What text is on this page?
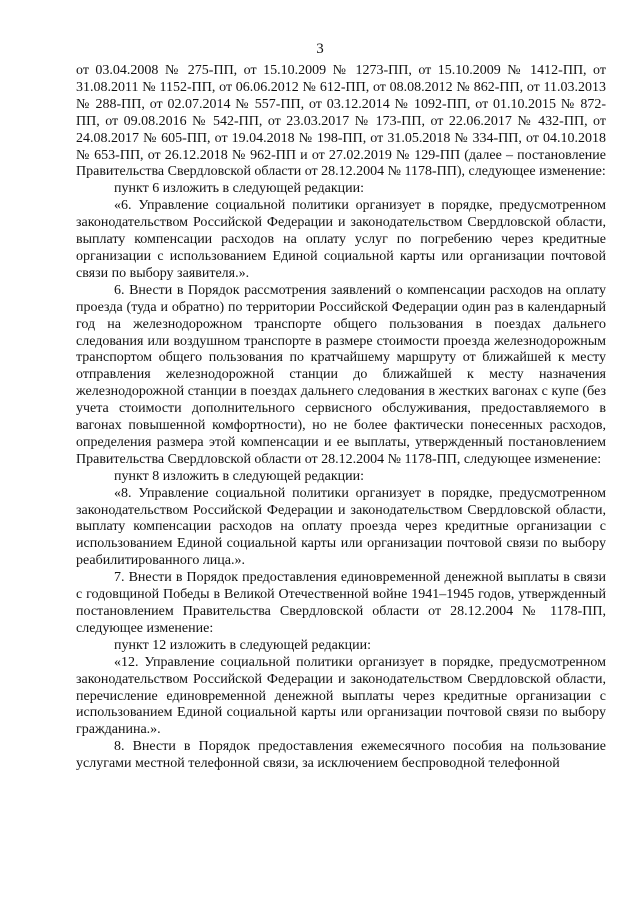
3

от 03.04.2008 № 275-ПП, от 15.10.2009 № 1273-ПП, от 15.10.2009 № 1412-ПП, от 31.08.2011 № 1152-ПП, от 06.06.2012 № 612-ПП, от 08.08.2012 № 862-ПП, от 11.03.2013 № 288-ПП, от 02.07.2014 № 557-ПП, от 03.12.2014 № 1092-ПП, от 01.10.2015 № 872-ПП, от 09.08.2016 № 542-ПП, от 23.03.2017 № 173-ПП, от 22.06.2017 № 432-ПП, от 24.08.2017 № 605-ПП, от 19.04.2018 № 198-ПП, от 31.05.2018 № 334-ПП, от 04.10.2018 № 653-ПП, от 26.12.2018 № 962-ПП и от 27.02.2019 № 129-ПП (далее – постановление Правительства Свердловской области от 28.12.2004 № 1178-ПП), следующее изменение:

пункт 6 изложить в следующей редакции:

«6. Управление социальной политики организует в порядке, предусмотренном законодательством Российской Федерации и законодательством Свердловской области, выплату компенсации расходов на оплату услуг по погребению через кредитные организации с использованием Единой социальной карты или организации почтовой связи по выбору заявителя.».

6. Внести в Порядок рассмотрения заявлений о компенсации расходов на оплату проезда (туда и обратно) по территории Российской Федерации один раз в календарный год на железнодорожном транспорте общего пользования в поездах дальнего следования или воздушном транспорте в размере стоимости проезда железнодорожным транспортом общего пользования по кратчайшему маршруту от ближайшей к месту отправления железнодорожной станции до ближайшей к месту назначения железнодорожной станции в поездах дальнего следования в жестких вагонах с купе (без учета стоимости дополнительного сервисного обслуживания, предоставляемого в вагонах повышенной комфортности), но не более фактически понесенных расходов, определения размера этой компенсации и ее выплаты, утвержденный постановлением Правительства Свердловской области от 28.12.2004 № 1178-ПП, следующее изменение:

пункт 8 изложить в следующей редакции:

«8. Управление социальной политики организует в порядке, предусмотренном законодательством Российской Федерации и законодательством Свердловской области, выплату компенсации расходов на оплату проезда через кредитные организации с использованием Единой социальной карты или организации почтовой связи по выбору реабилитированного лица.».

7. Внести в Порядок предоставления единовременной денежной выплаты в связи с годовщиной Победы в Великой Отечественной войне 1941–1945 годов, утвержденный постановлением Правительства Свердловской области от 28.12.2004 № 1178-ПП, следующее изменение:

пункт 12 изложить в следующей редакции:

«12. Управление социальной политики организует в порядке, предусмотренном законодательством Российской Федерации и законодательством Свердловской области, перечисление единовременной денежной выплаты через кредитные организации с использованием Единой социальной карты или организации почтовой связи по выбору гражданина.».

8. Внести в Порядок предоставления ежемесячного пособия на пользование услугами местной телефонной связи, за исключением беспроводной телефонной
